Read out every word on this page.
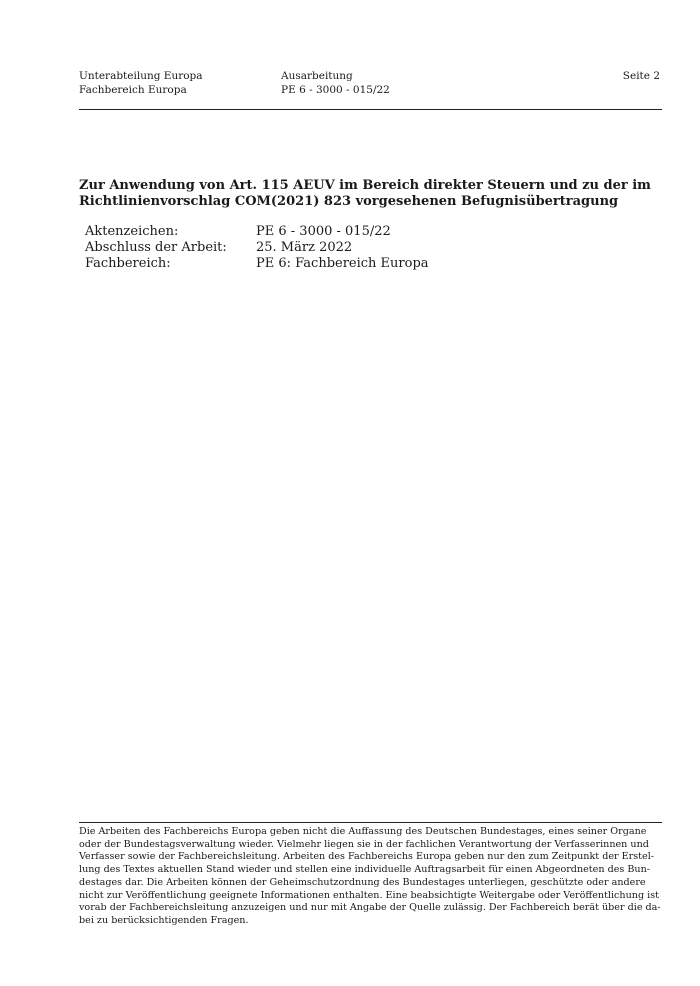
Unterabteilung Europa
Fachbereich Europa
Ausarbeitung
PE 6 - 3000 - 015/22
Seite 2
Zur Anwendung von Art. 115 AEUV im Bereich direkter Steuern und zu der im
Richtlinienvorschlag COM(2021) 823 vorgesehenen Befugnisübertragung
Aktenzeichen:	PE 6 - 3000 - 015/22
Abschluss der Arbeit: 25. März 2022
Fachbereich:	PE 6: Fachbereich Europa
Die Arbeiten des Fachbereichs Europa geben nicht die Auffassung des Deutschen Bundestages, eines seiner Organe
oder der Bundestagsverwaltung wieder. Vielmehr liegen sie in der fachlichen Verantwortung der Verfasserinnen und
Verfasser sowie der Fachbereichsleitung. Arbeiten des Fachbereichs Europa geben nur den zum Zeitpunkt der Erstel-
lung des Textes aktuellen Stand wieder und stellen eine individuelle Auftragsarbeit für einen Abgeordneten des Bun-
destages dar. Die Arbeiten können der Geheimschutzordnung des Bundestages unterliegen, geschützte oder andere
nicht zur Veröffentlichung geeignete Informationen enthalten. Eine beabsichtigte Weitergabe oder Veröffentlichung ist
vorab der Fachbereichsleitung anzuzeigen und nur mit Angabe der Quelle zulässig. Der Fachbereich berät über die da-
bei zu berücksichtigenden Fragen.
